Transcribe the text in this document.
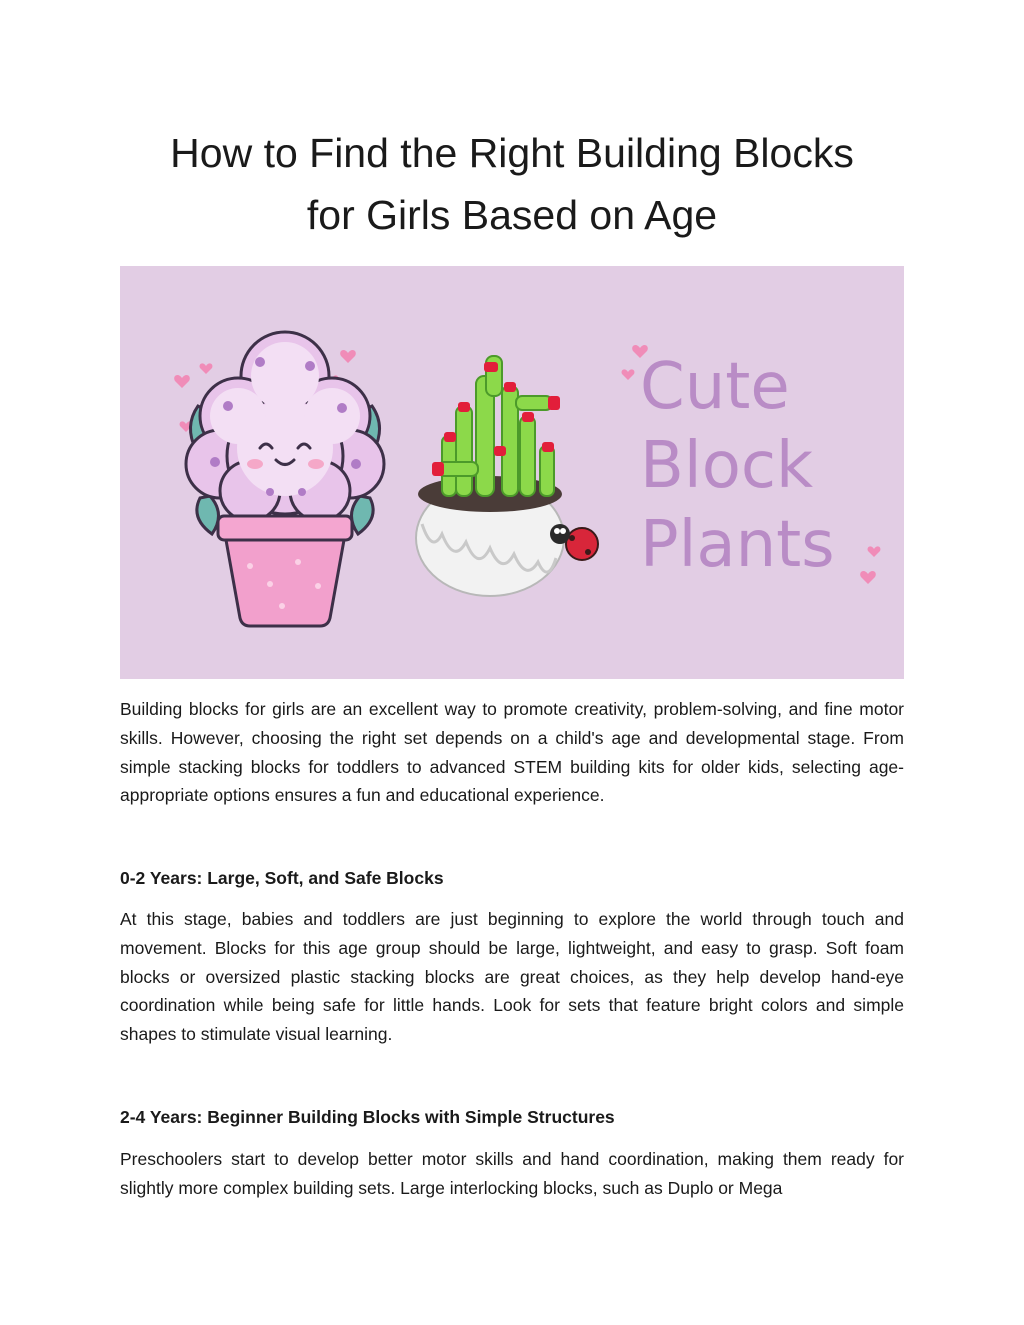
How to Find the Right Building Blocks
for Girls Based on Age
Cute
Block
Plants

Building blocks for girls are an excellent way to promote creativity, problem-solving, and fine motor skills. However, choosing the right set depends on a child's age and developmental stage. From simple stacking blocks for toddlers to advanced STEM building kits for older kids, selecting age-appropriate options ensures a fun and educational experience.

0-2 Years: Large, Soft, and Safe Blocks

At this stage, babies and toddlers are just beginning to explore the world through touch and movement. Blocks for this age group should be large, lightweight, and easy to grasp. Soft foam blocks or oversized plastic stacking blocks are great choices, as they help develop hand-eye coordination while being safe for little hands. Look for sets that feature bright colors and simple shapes to stimulate visual learning.

2-4 Years: Beginner Building Blocks with Simple Structures

Preschoolers start to develop better motor skills and hand coordination, making them ready for slightly more complex building sets. Large interlocking blocks, such as Duplo or Mega
